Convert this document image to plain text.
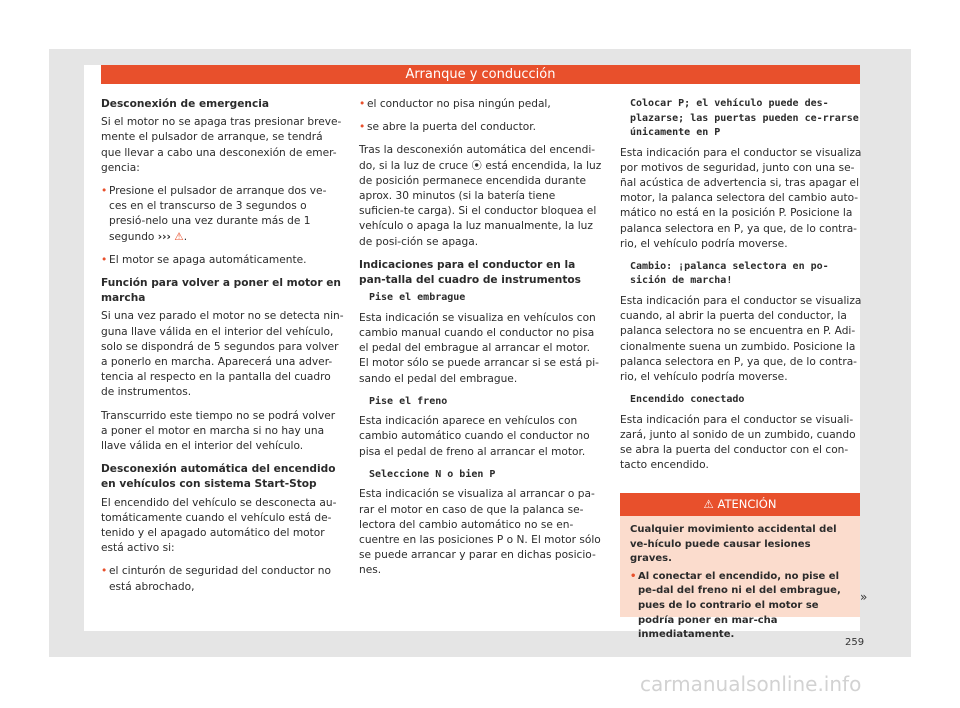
Arranque y conducción

Desconexión de emergencia

Si el motor no se apaga tras presionar breve-mente el pulsador de arranque, se tendrá que llevar a cabo una desconexión de emer-gencia:

• Presione el pulsador de arranque dos ve-ces en el transcurso de 3 segundos o presió-nelo una vez durante más de 1 segundo ››› ⚠.

• El motor se apaga automáticamente.

Función para volver a poner el motor en marcha

Si una vez parado el motor no se detecta nin-guna llave válida en el interior del vehículo, solo se dispondrá de 5 segundos para volver a ponerlo en marcha. Aparecerá una adver-tencia al respecto en la pantalla del cuadro de instrumentos.

Transcurrido este tiempo no se podrá volver a poner el motor en marcha si no hay una llave válida en el interior del vehículo.

Desconexión automática del encendido en vehículos con sistema Start-Stop

El encendido del vehículo se desconecta au-tomáticamente cuando el vehículo está de-tenido y el apagado automático del motor está activo si:

• el cinturón de seguridad del conductor no está abrochado,

• el conductor no pisa ningún pedal,

• se abre la puerta del conductor.

Tras la desconexión automática del encendi-do, si la luz de cruce ⦿ está encendida, la luz de posición permanece encendida durante aprox. 30 minutos (si la batería tiene suficien-te carga). Si el conductor bloquea el vehículo o apaga la luz manualmente, la luz de posi-ción se apaga.

Indicaciones para el conductor en la pan-talla del cuadro de instrumentos

Pise el embrague

Esta indicación se visualiza en vehículos con cambio manual cuando el conductor no pisa el pedal del embrague al arrancar el motor. El motor sólo se puede arrancar si se está pi-sando el pedal del embrague.

Pise el freno

Esta indicación aparece en vehículos con cambio automático cuando el conductor no pisa el pedal de freno al arrancar el motor.

Seleccione N o bien P

Esta indicación se visualiza al arrancar o pa-rar el motor en caso de que la palanca se-lectora del cambio automático no se en-cuentre en las posiciones P o N. El motor sólo se puede arrancar y parar en dichas posicio-nes.

Colocar P; el vehículo puede des-plazarse; las puertas pueden ce-rrarse únicamente en P

Esta indicación para el conductor se visualiza por motivos de seguridad, junto con una se-ñal acústica de advertencia si, tras apagar el motor, la palanca selectora del cambio auto-mático no está en la posición P. Posicione la palanca selectora en P, ya que, de lo contra-rio, el vehículo podría moverse.

Cambio: ¡palanca selectora en po-sición de marcha!

Esta indicación para el conductor se visualiza cuando, al abrir la puerta del conductor, la palanca selectora no se encuentra en P. Adi-cionalmente suena un zumbido. Posicione la palanca selectora en P, ya que, de lo contra-rio, el vehículo podría moverse.

Encendido conectado

Esta indicación para el conductor se visuali-zará, junto al sonido de un zumbido, cuando se abra la puerta del conductor con el con-tacto encendido.

⚠ ATENCIÓN

Cualquier movimiento accidental del ve-hículo puede causar lesiones graves.

• Al conectar el encendido, no pise el pe-dal del freno ni el del embrague, pues de lo contrario el motor se podría poner en mar-cha inmediatamente.

»
259
carmanualsonline.info
